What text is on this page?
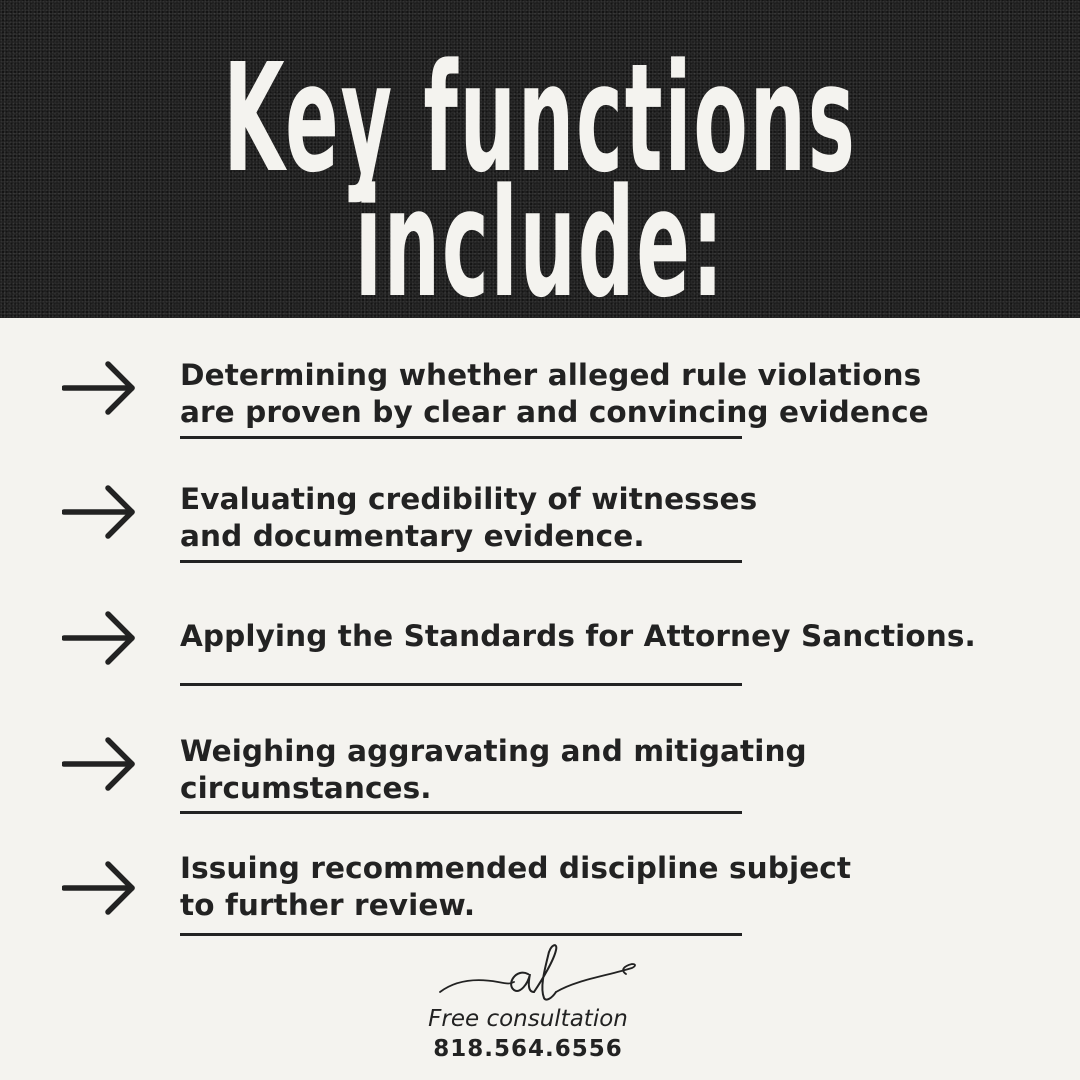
Key functions
include:
Determining whether alleged rule violations are proven by clear and convincing evidence
Evaluating credibility of witnesses and documentary evidence.
Applying the Standards for Attorney Sanctions.
Weighing aggravating and mitigating circumstances.
Issuing recommended discipline subject to further review.
Free consultation
818.564.6556
